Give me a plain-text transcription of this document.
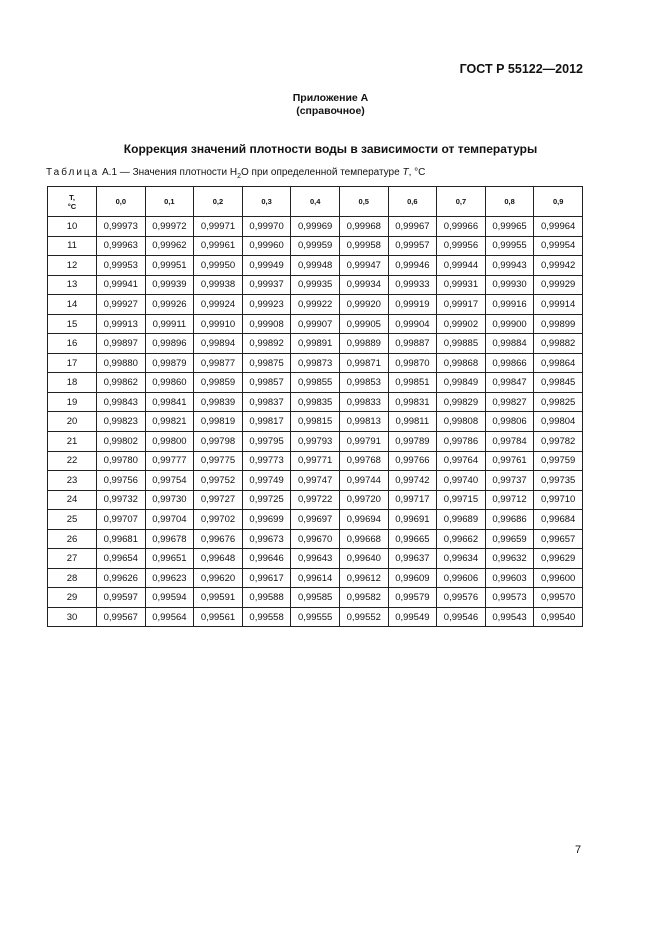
ГОСТ Р 55122—2012
Приложение А
(справочное)
Коррекция значений плотности воды в зависимости от температуры
Таблица А.1 — Значения плотности $H_2O$ при определенной температуре T, °C
T,
°C	0,0	0,1	0,2	0,3	0,4	0,5	0,6	0,7	0,8	0,9
10	0,99973	0,99972	0,99971	0,99970	0,99969	0,99968	0,99967	0,99966	0,99965	0,99964
11	0,99963	0,99962	0,99961	0,99960	0,99959	0,99958	0,99957	0,99956	0,99955	0,99954
12	0,99953	0,99951	0,99950	0,99949	0,99948	0,99947	0,99946	0,99944	0,99943	0,99942
13	0,99941	0,99939	0,99938	0,99937	0,99935	0,99934	0,99933	0,99931	0,99930	0,99929
14	0,99927	0,99926	0,99924	0,99923	0,99922	0,99920	0,99919	0,99917	0,99916	0,99914
15	0,99913	0,99911	0,99910	0,99908	0,99907	0,99905	0,99904	0,99902	0,99900	0,99899
16	0,99897	0,99896	0,99894	0,99892	0,99891	0,99889	0,99887	0,99885	0,99884	0,99882
17	0,99880	0,99879	0,99877	0,99875	0,99873	0,99871	0,99870	0,99868	0,99866	0,99864
18	0,99862	0,99860	0,99859	0,99857	0,99855	0,99853	0,99851	0,99849	0,99847	0,99845
19	0,99843	0,99841	0,99839	0,99837	0,99835	0,99833	0,99831	0,99829	0,99827	0,99825
20	0,99823	0,99821	0,99819	0,99817	0,99815	0,99813	0,99811	0,99808	0,99806	0,99804
21	0,99802	0,99800	0,99798	0,99795	0,99793	0,99791	0,99789	0,99786	0,99784	0,99782
22	0,99780	0,99777	0,99775	0,99773	0,99771	0,99768	0,99766	0,99764	0,99761	0,99759
23	0,99756	0,99754	0,99752	0,99749	0,99747	0,99744	0,99742	0,99740	0,99737	0,99735
24	0,99732	0,99730	0,99727	0,99725	0,99722	0,99720	0,99717	0,99715	0,99712	0,99710
25	0,99707	0,99704	0,99702	0,99699	0,99697	0,99694	0,99691	0,99689	0,99686	0,99684
26	0,99681	0,99678	0,99676	0,99673	0,99670	0,99668	0,99665	0,99662	0,99659	0,99657
27	0,99654	0,99651	0,99648	0,99646	0,99643	0,99640	0,99637	0,99634	0,99632	0,99629
28	0,99626	0,99623	0,99620	0,99617	0,99614	0,99612	0,99609	0,99606	0,99603	0,99600
29	0,99597	0,99594	0,99591	0,99588	0,99585	0,99582	0,99579	0,99576	0,99573	0,99570
30	0,99567	0,99564	0,99561	0,99558	0,99555	0,99552	0,99549	0,99546	0,99543	0,99540
7
